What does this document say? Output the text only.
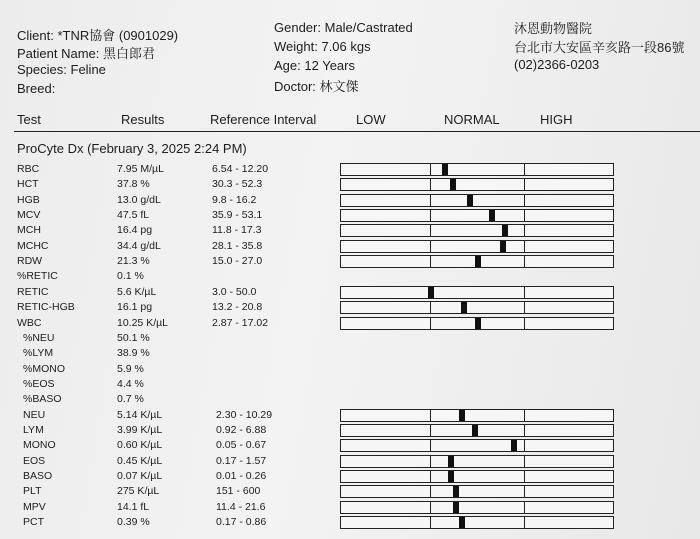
Client: *TNR協會 (0901029)
Patient Name: 黑白郎君
Species: Feline
Breed:
Gender: Male/Castrated
Weight: 7.06 kgs
Age: 12 Years
Doctor: 林文傑
沐恩動物醫院
台北市大安區辛亥路一段86號
(02)2366-0203
Test	Results	Reference Interval	LOW	NORMAL	HIGH
ProCyte Dx (February 3, 2025 2:24 PM)
RBC	7.95 M/µL	6.54 - 12.20
HCT	37.8 %	30.3 - 52.3
HGB	13.0 g/dL	9.8 - 16.2
MCV	47.5 fL	35.9 - 53.1
MCH	16.4 pg	11.8 - 17.3
MCHC	34.4 g/dL	28.1 - 35.8
RDW	21.3 %	15.0 - 27.0
%RETIC	0.1 %
RETIC	5.6 K/µL	3.0 - 50.0
RETIC-HGB	16.1 pg	13.2 - 20.8
WBC	10.25 K/µL	2.87 - 17.02
%NEU	50.1 %
%LYM	38.9 %
%MONO	5.9 %
%EOS	4.4 %
%BASO	0.7 %
NEU	5.14 K/µL	2.30 - 10.29
LYM	3.99 K/µL	0.92 - 6.88
MONO	0.60 K/µL	0.05 - 0.67
EOS	0.45 K/µL	0.17 - 1.57
BASO	0.07 K/µL	0.01 - 0.26
PLT	275 K/µL	151 - 600
MPV	14.1 fL	11.4 - 21.6
PCT	0.39 %	0.17 - 0.86
